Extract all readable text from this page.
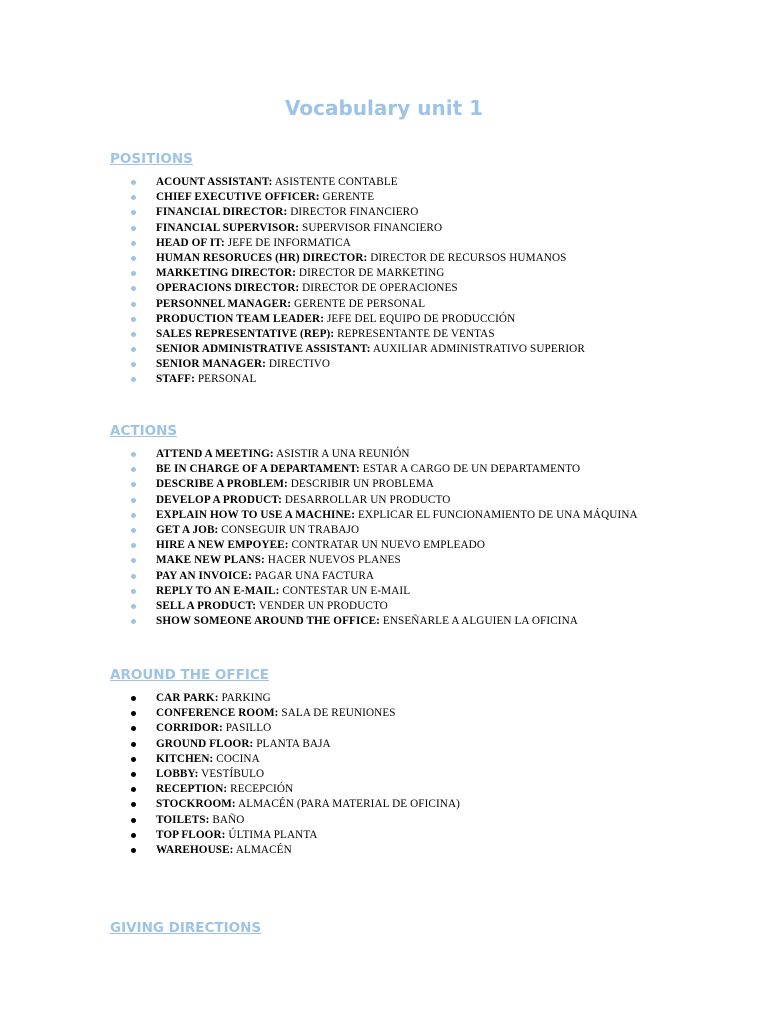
Vocabulary unit 1
POSITIONS
ACOUNT ASSISTANT: ASISTENTE CONTABLE
CHIEF EXECUTIVE OFFICER: GERENTE
FINANCIAL DIRECTOR: DIRECTOR FINANCIERO
FINANCIAL SUPERVISOR: SUPERVISOR FINANCIERO
HEAD OF IT: JEFE DE INFORMATICA
HUMAN RESORUCES (HR) DIRECTOR: DIRECTOR DE RECURSOS HUMANOS
MARKETING DIRECTOR: DIRECTOR DE MARKETING
OPERACIONS DIRECTOR: DIRECTOR DE OPERACIONES
PERSONNEL MANAGER: GERENTE DE PERSONAL
PRODUCTION TEAM LEADER: JEFE DEL EQUIPO DE PRODUCCIÓN
SALES REPRESENTATIVE (REP): REPRESENTANTE DE VENTAS
SENIOR ADMINISTRATIVE ASSISTANT: AUXILIAR ADMINISTRATIVO SUPERIOR
SENIOR MANAGER: DIRECTIVO
STAFF: PERSONAL
ACTIONS
ATTEND A MEETING: ASISTIR A UNA REUNIÓN
BE IN CHARGE OF A DEPARTAMENT: ESTAR A CARGO DE UN DEPARTAMENTO
DESCRIBE A PROBLEM: DESCRIBIR UN PROBLEMA
DEVELOP A PRODUCT: DESARROLLAR UN PRODUCTO
EXPLAIN HOW TO USE A MACHINE: EXPLICAR EL FUNCIONAMIENTO DE UNA MÁQUINA
GET A JOB: CONSEGUIR UN TRABAJO
HIRE A NEW EMPOYEE: CONTRATAR UN NUEVO EMPLEADO
MAKE NEW PLANS: HACER NUEVOS PLANES
PAY AN INVOICE: PAGAR UNA FACTURA
REPLY TO AN E-MAIL: CONTESTAR UN E-MAIL
SELL A PRODUCT: VENDER UN PRODUCTO
SHOW SOMEONE AROUND THE OFFICE: ENSEÑARLE A ALGUIEN LA OFICINA
AROUND THE OFFICE
CAR PARK: PARKING
CONFERENCE ROOM: SALA DE REUNIONES
CORRIDOR: PASILLO
GROUND FLOOR: PLANTA BAJA
KITCHEN: COCINA
LOBBY: VESTÍBULO
RECEPTION: RECEPCIÓN
STOCKROOM: ALMACÉN (PARA MATERIAL DE OFICINA)
TOILETS: BAÑO
TOP FLOOR: ÚLTIMA PLANTA
WAREHOUSE: ALMACÉN
GIVING DIRECTIONS
